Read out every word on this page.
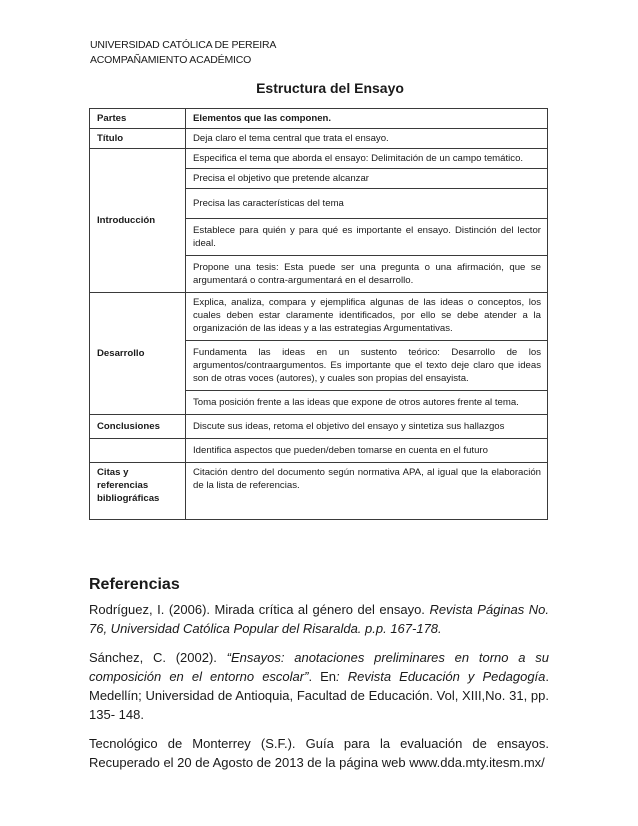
UNIVERSIDAD CATÓLICA DE PEREIRA
ACOMPAÑAMIENTO ACADÉMICO
Estructura del Ensayo
Partes	Elementos que las componen.
Título	Deja claro el tema central que trata el ensayo.
Introducción	Especifica el tema que aborda el ensayo: Delimitación de un campo temático.
	Precisa el objetivo que pretende alcanzar
	Precisa las características del tema
	Establece para quién y para qué es importante el ensayo. Distinción del lector ideal.
	Propone una tesis: Esta puede ser una pregunta o una afirmación, que se argumentará o contra-argumentará en el desarrollo.
Desarrollo	Explica, analiza, compara y ejemplifica algunas de las ideas o conceptos, los cuales deben estar claramente identificados, por ello se debe atender a la organización de las ideas y a las estrategias Argumentativas.
	Fundamenta las ideas en un sustento teórico: Desarrollo de los argumentos/contraargumentos. Es importante que el texto deje claro que ideas son de otras voces (autores), y cuales son propias del ensayista.
	Toma posición frente a las ideas que expone de otros autores frente al tema.
Conclusiones	Discute sus ideas, retoma el objetivo del ensayo y sintetiza sus hallazgos
	Identifica aspectos que pueden/deben tomarse en cuenta en el futuro
Citas y referencias bibliográficas	Citación dentro del documento según normativa APA, al igual que la elaboración de la lista de referencias.
Referencias

Rodríguez, I. (2006). Mirada crítica al género del ensayo. Revista Páginas No. 76, Universidad Católica Popular del Risaralda. p.p. 167-178.

Sánchez, C. (2002). “Ensayos: anotaciones preliminares en torno a su composición en el entorno escolar”. En: Revista Educación y Pedagogía. Medellín; Universidad de Antioquia, Facultad de Educación. Vol, XIII,No. 31, pp. 135- 148.

Tecnológico de Monterrey (S.F.). Guía para la evaluación de ensayos. Recuperado el 20 de Agosto de 2013 de la página web www.dda.mty.itesm.mx/
